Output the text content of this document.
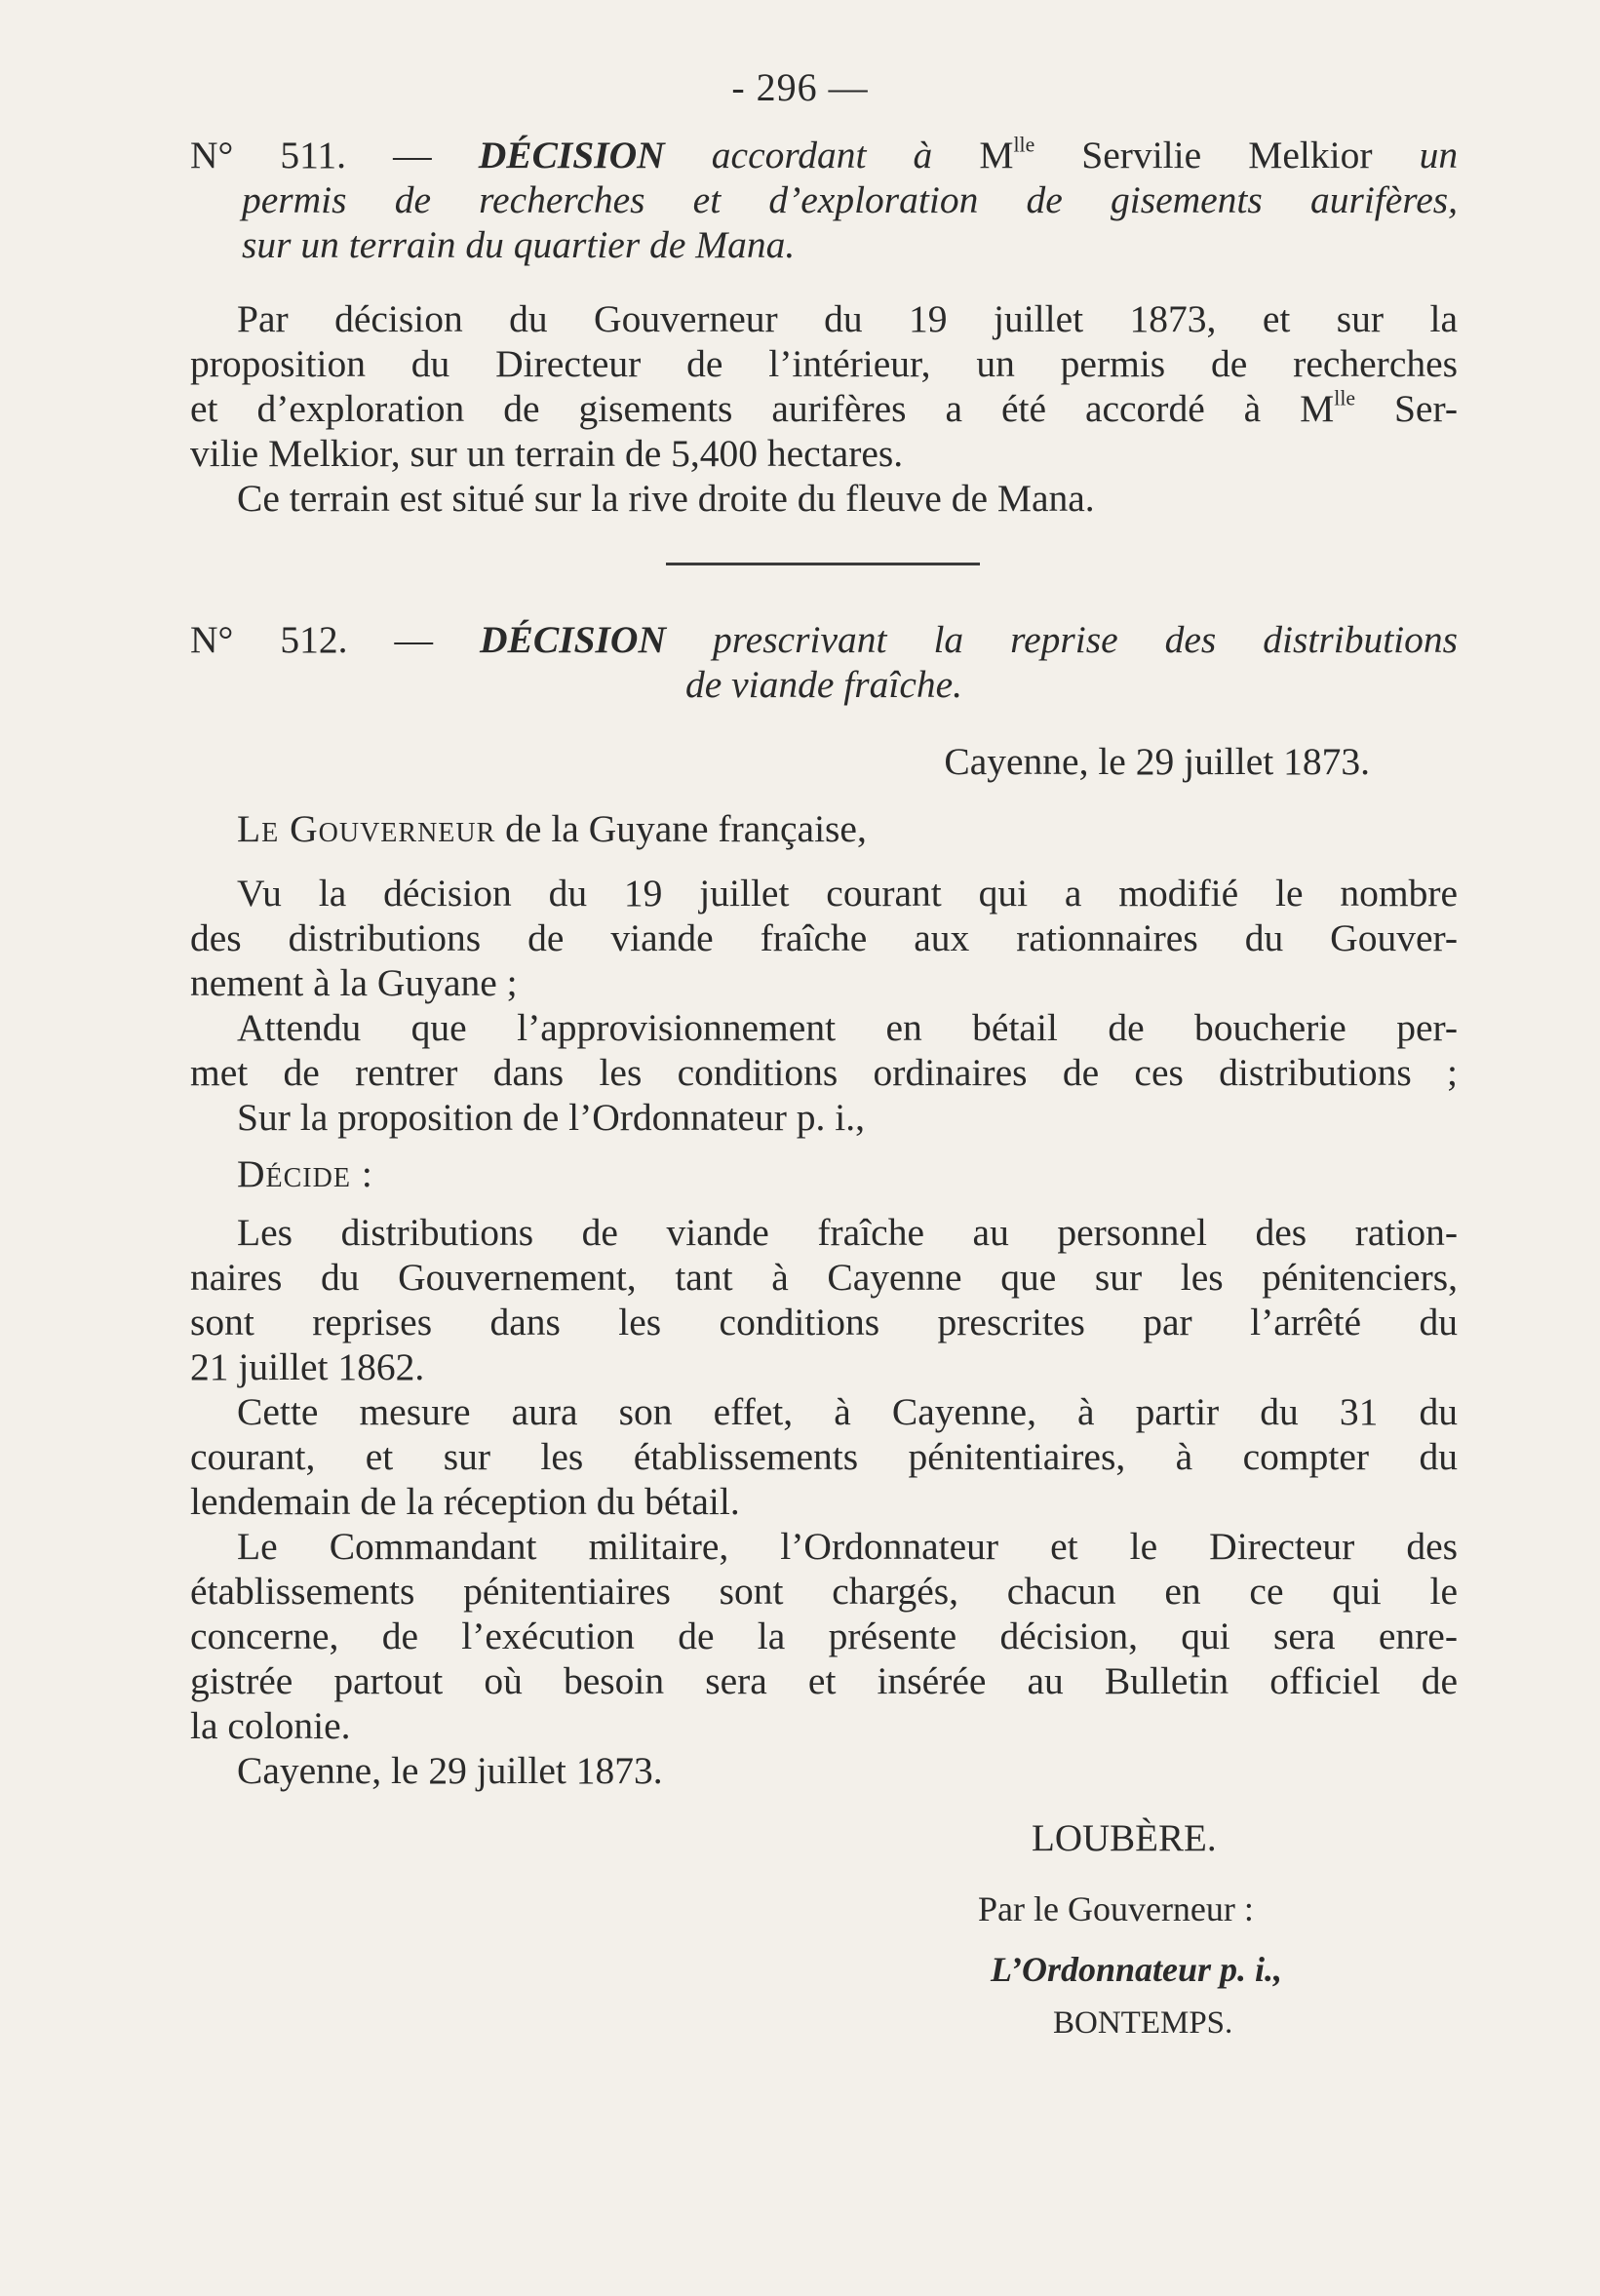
- 296 —
N° 511. — DÉCISION accordant à $M^{lle}$ Servilie Melkior un
permis de recherches et d’exploration de gisements aurifères,
sur un terrain du quartier de Mana.
Par décision du Gouverneur du 19 juillet 1873, et sur la
proposition du Directeur de l’intérieur, un permis de recherches
et d’exploration de gisements aurifères a été accordé à $M^{lle}$ Ser-
vilie Melkior, sur un terrain de 5,400 hectares.
Ce terrain est situé sur la rive droite du fleuve de Mana.
N° 512. — DÉCISION prescrivant la reprise des distributions
de viande fraîche.
Cayenne, le 29 juillet 1873.
Le Gouverneur de la Guyane française,
Vu la décision du 19 juillet courant qui a modifié le nombre
des distributions de viande fraîche aux rationnaires du Gouver-
nement à la Guyane ;
Attendu que l’approvisionnement en bétail de boucherie per-
met de rentrer dans les conditions ordinaires de ces distributions ;
Sur la proposition de l’Ordonnateur p. i.,
Décide :
Les distributions de viande fraîche au personnel des ration-
naires du Gouvernement, tant à Cayenne que sur les pénitenciers,
sont reprises dans les conditions prescrites par l’arrêté du
21 juillet 1862.
Cette mesure aura son effet, à Cayenne, à partir du 31 du
courant, et sur les établissements pénitentiaires, à compter du
lendemain de la réception du bétail.
Le Commandant militaire, l’Ordonnateur et le Directeur des
établissements pénitentiaires sont chargés, chacun en ce qui le
concerne, de l’exécution de la présente décision, qui sera enre-
gistrée partout où besoin sera et insérée au Bulletin officiel de
la colonie.
Cayenne, le 29 juillet 1873.
LOUBÈRE.
Par le Gouverneur :
L’Ordonnateur p. i.,
BONTEMPS.
